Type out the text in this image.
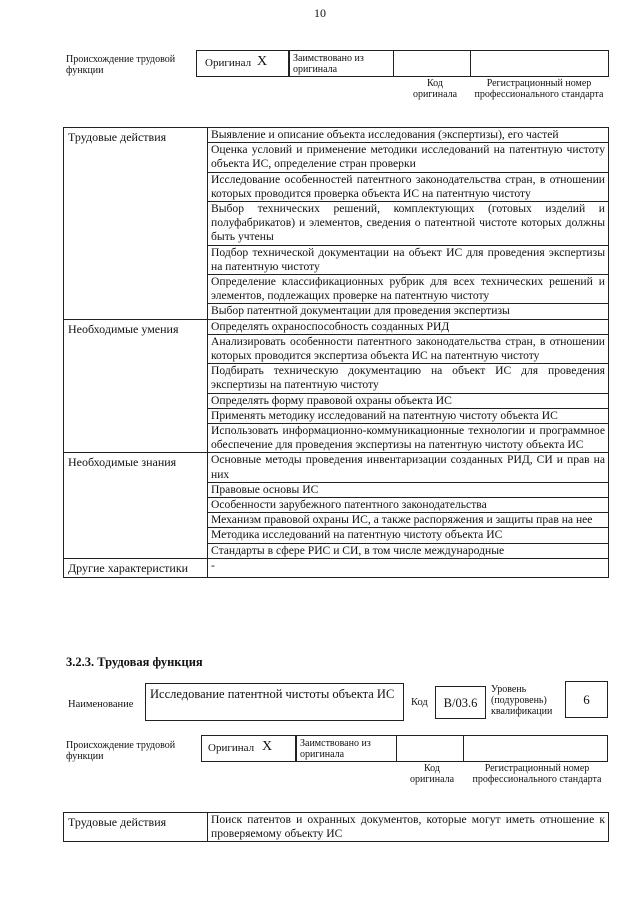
10
Происхождение трудовой функции
Оригинал X	Заимствовано из оригинала
Код оригинала
Регистрационный номер профессионального стандарта
Трудовые действия	Выявление и описание объекта исследования (экспертизы), его частей
	Оценка условий и применение методики исследований на патентную чистоту объекта ИС, определение стран проверки
	Исследование особенностей патентного законодательства стран, в отношении которых проводится проверка объекта ИС на патентную чистоту
	Выбор технических решений, комплектующих (готовых изделий и полуфабрикатов) и элементов, сведения о патентной чистоте которых должны быть учтены
	Подбор технической документации на объект ИС для проведения экспертизы на патентную чистоту
	Определение классификационных рубрик для всех технических решений и элементов, подлежащих проверке на патентную чистоту
	Выбор патентной документации для проведения экспертизы
Необходимые умения	Определять охраноспособность созданных РИД
	Анализировать особенности патентного законодательства стран, в отношении которых проводится экспертиза объекта ИС на патентную чистоту
	Подбирать техническую документацию на объект ИС для проведения экспертизы на патентную чистоту
	Определять форму правовой охраны объекта ИС
	Применять методику исследований на патентную чистоту объекта ИС
	Использовать информационно-коммуникационные технологии и программное обеспечение для проведения экспертизы на патентную чистоту объекта ИС
Необходимые знания	Основные методы проведения инвентаризации созданных РИД, СИ и прав на них
	Правовые основы ИС
	Особенности зарубежного патентного законодательства
	Механизм правовой охраны ИС, а также распоряжения и защиты прав на нее
	Методика исследований на патентную чистоту объекта ИС
	Стандарты в сфере РИС и СИ, в том числе международные
Другие характеристики	-
3.2.3. Трудовая функция
Наименование
Исследование патентной чистоты объекта ИС
Код	B/03.6
Уровень (подуровень) квалификации
6
Происхождение трудовой функции
Оригинал X	Заимствовано из оригинала
Код оригинала
Регистрационный номер профессионального стандарта
Трудовые действия	Поиск патентов и охранных документов, которые могут иметь отношение к проверяемому объекту ИС
